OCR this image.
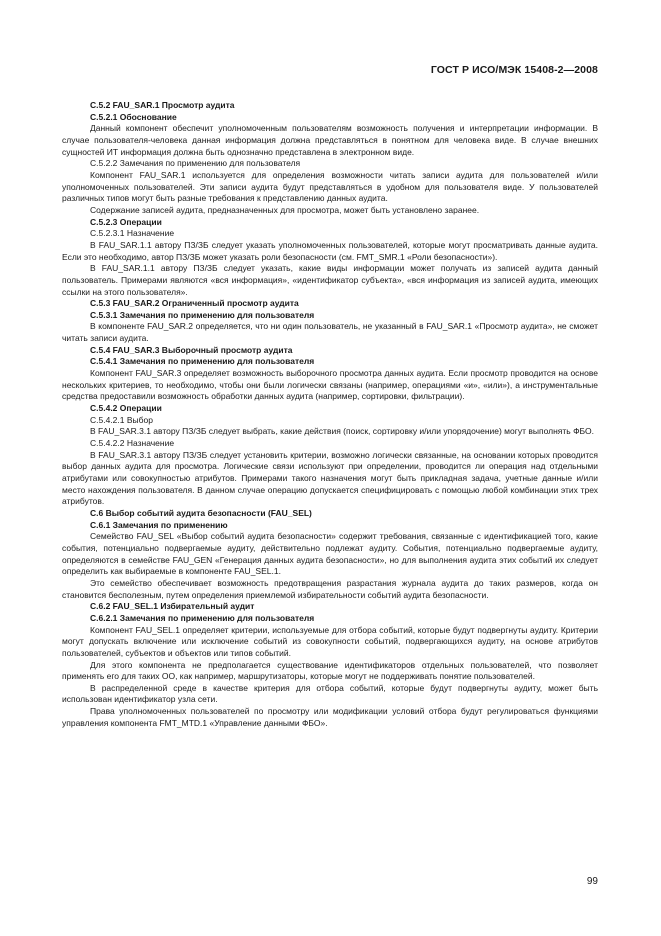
ГОСТ Р ИСО/МЭК 15408-2—2008

C.5.2 FAU_SAR.1 Просмотр аудита

C.5.2.1 Обоснование

Данный компонент обеспечит уполномоченным пользователям возможность получения и интерпретации информации. В случае пользователя-человека данная информация должна представляться в понятном для человека виде. В случае внешних сущностей ИТ информация должна быть однозначно представлена в электронном виде.

C.5.2.2 Замечания по применению для пользователя

Компонент FAU_SAR.1 используется для определения возможности читать записи аудита для пользователей и/или уполномоченных пользователей. Эти записи аудита будут представляться в удобном для пользователя виде. У пользователей различных типов могут быть разные требования к представлению данных аудита.

Содержание записей аудита, предназначенных для просмотра, может быть установлено заранее.

C.5.2.3 Операции

C.5.2.3.1 Назначение

В FAU_SAR.1.1 автору ПЗ/ЗБ следует указать уполномоченных пользователей, которые могут просматривать данные аудита. Если это необходимо, автор ПЗ/ЗБ может указать роли безопасности (см. FMT_SMR.1 «Роли безопасности»).

В FAU_SAR.1.1 автору ПЗ/ЗБ следует указать, какие виды информации может получать из записей аудита данный пользователь. Примерами являются «вся информация», «идентификатор субъекта», «вся информация из записей аудита, имеющих ссылки на этого пользователя».

C.5.3 FAU_SAR.2 Ограниченный просмотр аудита

C.5.3.1 Замечания по применению для пользователя

В компоненте FAU_SAR.2 определяется, что ни один пользователь, не указанный в FAU_SAR.1 «Просмотр аудита», не сможет читать записи аудита.

C.5.4 FAU_SAR.3 Выборочный просмотр аудита

C.5.4.1 Замечания по применению для пользователя

Компонент FAU_SAR.3 определяет возможность выборочного просмотра данных аудита. Если просмотр проводится на основе нескольких критериев, то необходимо, чтобы они были логически связаны (например, операциями «и», «или»), а инструментальные средства предоставили возможность обработки данных аудита (например, сортировки, фильтрации).

C.5.4.2 Операции

C.5.4.2.1 Выбор

В FAU_SAR.3.1 автору ПЗ/ЗБ следует выбрать, какие действия (поиск, сортировку и/или упорядочение) могут выполнять ФБО.

C.5.4.2.2 Назначение

В FAU_SAR.3.1 автору ПЗ/ЗБ следует установить критерии, возможно логически связанные, на основании которых проводится выбор данных аудита для просмотра. Логические связи используют при определении, проводится ли операция над отдельными атрибутами или совокупностью атрибутов. Примерами такого назначения могут быть прикладная задача, учетные данные и/или место нахождения пользователя. В данном случае операцию допускается специфицировать с помощью любой комбинации этих трех атрибутов.

C.6 Выбор событий аудита безопасности (FAU_SEL)

C.6.1 Замечания по применению

Семейство FAU_SEL «Выбор событий аудита безопасности» содержит требования, связанные с идентификацией того, какие события, потенциально подвергаемые аудиту, действительно подлежат аудиту. События, потенциально подвергаемые аудиту, определяются в семействе FAU_GEN «Генерация данных аудита безопасности», но для выполнения аудита этих событий их следует определить как выбираемые в компоненте FAU_SEL.1.

Это семейство обеспечивает возможность предотвращения разрастания журнала аудита до таких размеров, когда он становится бесполезным, путем определения приемлемой избирательности событий аудита безопасности.

C.6.2 FAU_SEL.1 Избирательный аудит

C.6.2.1 Замечания по применению для пользователя

Компонент FAU_SEL.1 определяет критерии, используемые для отбора событий, которые будут подвергнуты аудиту. Критерии могут допускать включение или исключение событий из совокупности событий, подвергающихся аудиту, на основе атрибутов пользователей, субъектов и объектов или типов событий.

Для этого компонента не предполагается существование идентификаторов отдельных пользователей, что позволяет применять его для таких ОО, как например, маршрутизаторы, которые могут не поддерживать понятие пользователей.

В распределенной среде в качестве критерия для отбора событий, которые будут подвергнуты аудиту, может быть использован идентификатор узла сети.

Права уполномоченных пользователей по просмотру или модификации условий отбора будут регулироваться функциями управления компонента FMT_MTD.1 «Управление данными ФБО».

99
